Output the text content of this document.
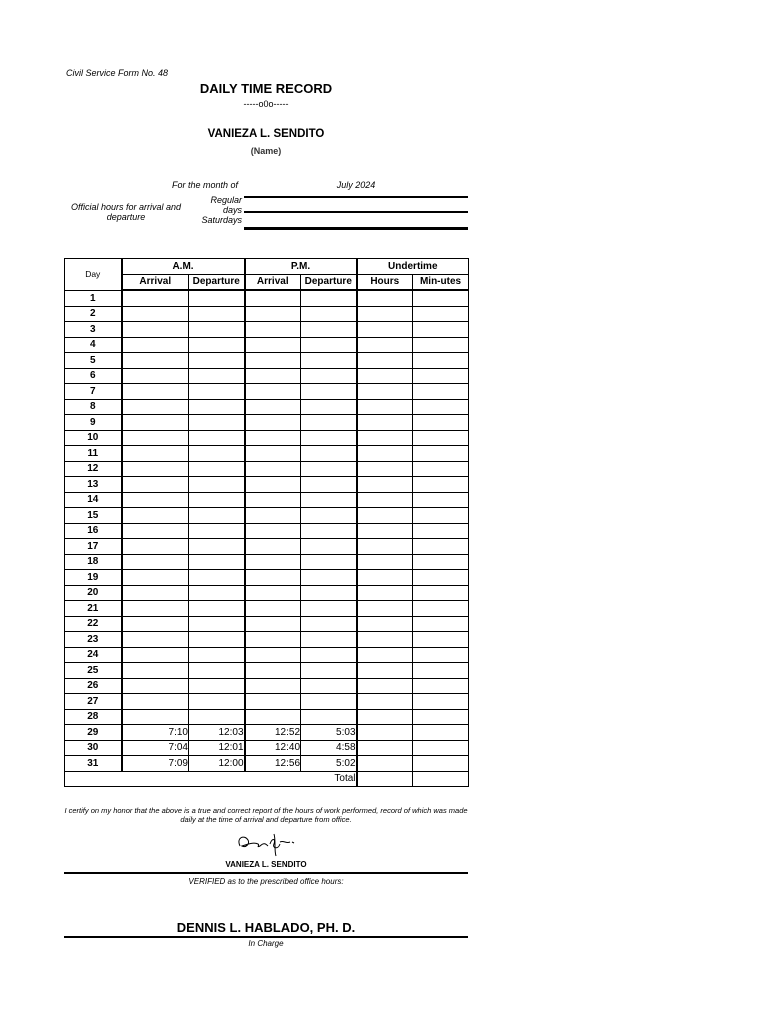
Civil Service Form No. 48
DAILY TIME RECORD
-----o0o-----
VANIEZA L. SENDITO
(Name)
For the month of	July 2024
Official hours for arrival and departure
Regular days
Saturdays
Day	A.M.		P.M.		Undertime	
	Arrival	Departure	Arrival	Departure	Hours	Min-utes
1						
2						
3						
4						
5						
6						
7						
8						
9						
10						
11						
12						
13						
14						
15						
16						
17						
18						
19						
20						
21						
22						
23						
24						
25						
26						
27						
28						
29	7:10	12:03	12:52	5:03		
30	7:04	12:01	12:40	4:58		
31	7:09	12:00	12:56	5:02		
Total						
I certify on my honor that the above is a true and correct report of the hours of work performed, record of which was made daily at the time of arrival and departure from office.
VANIEZA L. SENDITO
VERIFIED as to the prescribed office hours:
DENNIS L. HABLADO, PH. D.
In Charge
